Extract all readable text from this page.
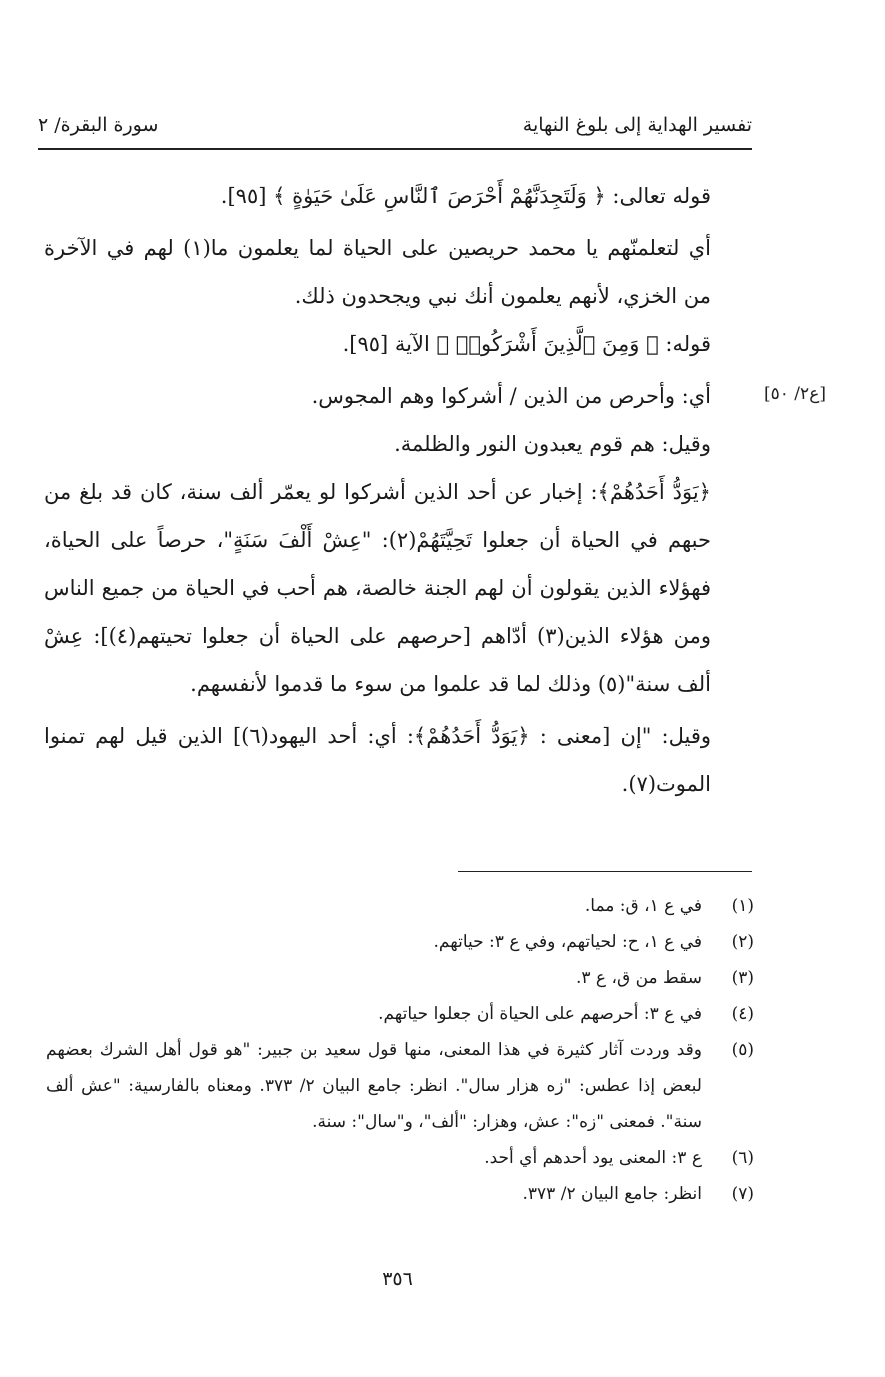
تفسير الهداية إلى بلوغ النهاية
سورة البقرة/ ٢
[ع٢/ ٥٠]

قوله تعالى: ﴿ وَلَتَجِدَنَّهُمْ أَحْرَصَ ٱلنَّاسِ عَلَىٰ حَيَوٰةٍ ﴾ [٩٥].

أي لتعلمنّهم يا محمد حريصين على الحياة لما يعلمون ما(١) لهم في الآخرة من الخزي، لأنهم يعلمون أنك نبي ويجحدون ذلك.

قوله: ﴿ وَمِنَ ٱلَّذِينَ أَشْرَكُوا۟ ﴾ الآية [٩٥].

أي: وأحرص من الذين / أشركوا وهم المجوس.

وقيل: هم قوم يعبدون النور والظلمة.

﴿يَوَدُّ أَحَدُهُمْ﴾: إخبار عن أحد الذين أشركوا لو يعمّر ألف سنة، كان قد بلغ من حبهم في الحياة أن جعلوا تَحِيَّتَهُمْ(٢): "عِشْ أَلْفَ سَنَةٍ"، حرصاً على الحياة، فهؤلاء الذين يقولون أن لهم الجنة خالصة، هم أحب في الحياة من جميع الناس ومن هؤلاء الذين(٣) أدّاهم [حرصهم على الحياة أن جعلوا تحيتهم(٤)]: عِشْ ألف سنة"(٥) وذلك لما قد علموا من سوء ما قدموا لأنفسهم.

وقيل: "إن [معنى : ﴿يَوَدُّ أَحَدُهُمْ﴾: أي: أحد اليهود(٦)] الذين قيل لهم تمنوا الموت(٧).

(١)
في ع ١، ق: مما.
(٢)
في ع ١، ح: لحياتهم، وفي ع ٣: حياتهم.
(٣)
سقط من ق، ع ٣.
(٤)
في ع ٣: أحرصهم على الحياة أن جعلوا حياتهم.
(٥)
وقد وردت آثار كثيرة في هذا المعنى، منها قول سعيد بن جبير: "هو قول أهل الشرك بعضهم لبعض إذا عطس: "زه هزار سال". انظر: جامع البيان ٢/ ٣٧٣. ومعناه بالفارسية: "عش ألف سنة". فمعنى "زه": عش، وهزار: "ألف"، و"سال": سنة.
(٦)
ع ٣: المعنى يود أحدهم أي أحد.
(٧)
انظر: جامع البيان ٢/ ٣٧٣.
٣٥٦
